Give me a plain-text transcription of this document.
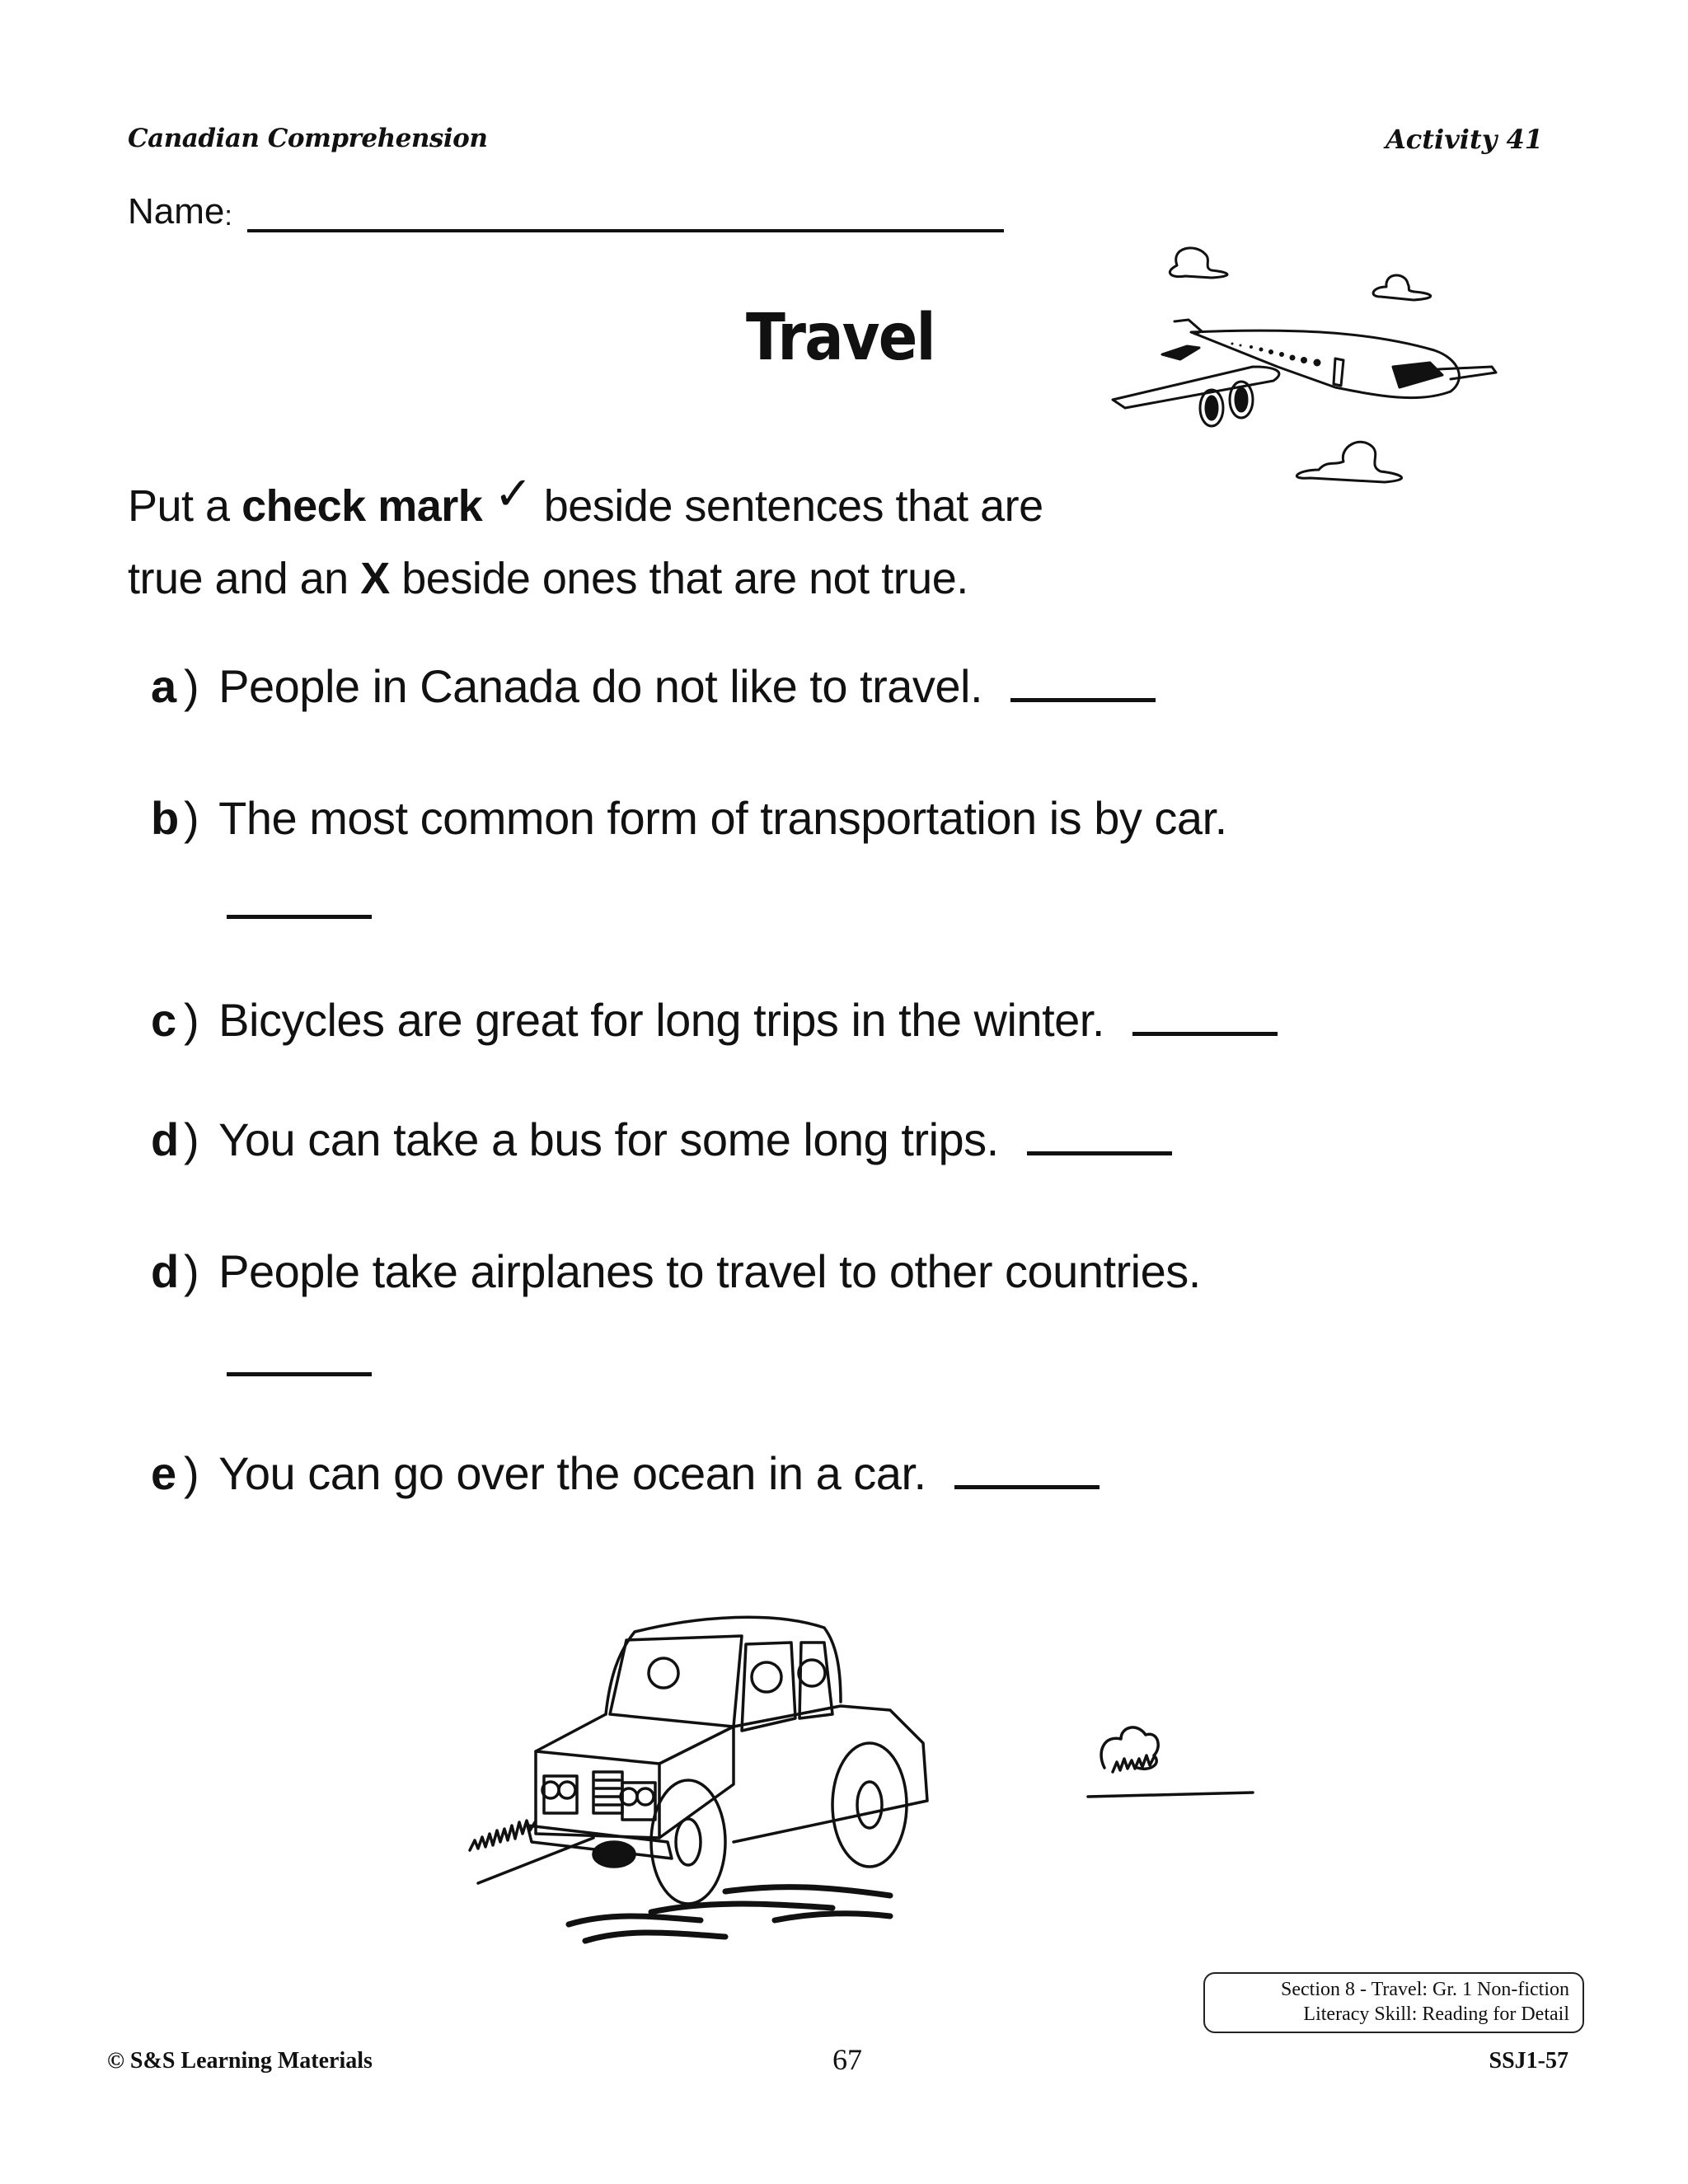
Canadian Comprehension	Activity 41
Name :
Travel
Put a check mark ✓ beside sentences that are
true and an X beside ones that are not true.
a ) People in Canada do not like to travel.
b ) The most common form of transportation is by car.
c ) Bicycles are great for long trips in the winter.
d ) You can take a bus for some long trips.
d ) People take airplanes to travel to other countries.
e ) You can go over the ocean in a car.
Section 8 - Travel: Gr. 1 Non-fiction
Literacy Skill: Reading for Detail
© S&S Learning Materials	67	SSJ1-57
